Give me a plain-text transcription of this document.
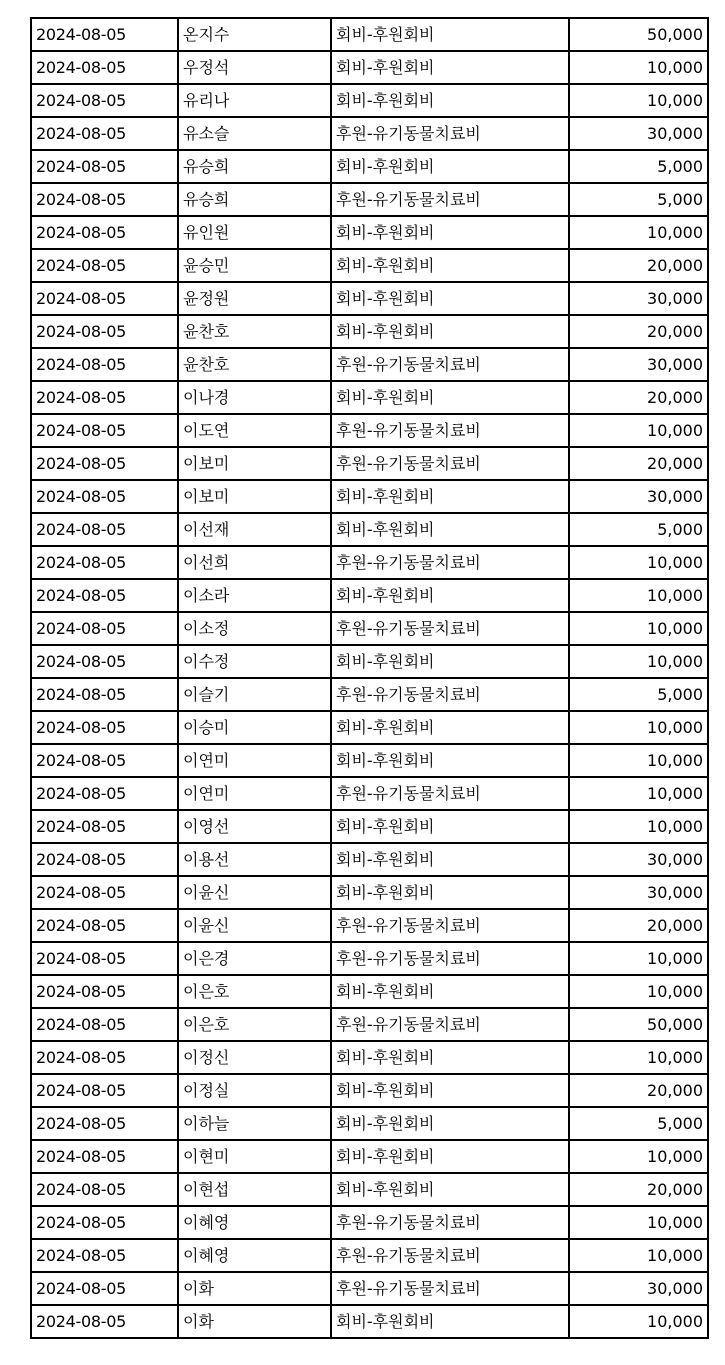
2024-08-05	온지수	회비-후원회비	50,000
2024-08-05	우정석	회비-후원회비	10,000
2024-08-05	유리나	회비-후원회비	10,000
2024-08-05	유소슬	후원-유기동물치료비	30,000
2024-08-05	유승희	회비-후원회비	5,000
2024-08-05	유승희	후원-유기동물치료비	5,000
2024-08-05	유인원	회비-후원회비	10,000
2024-08-05	윤승민	회비-후원회비	20,000
2024-08-05	윤정원	회비-후원회비	30,000
2024-08-05	윤찬호	회비-후원회비	20,000
2024-08-05	윤찬호	후원-유기동물치료비	30,000
2024-08-05	이나경	회비-후원회비	20,000
2024-08-05	이도연	후원-유기동물치료비	10,000
2024-08-05	이보미	후원-유기동물치료비	20,000
2024-08-05	이보미	회비-후원회비	30,000
2024-08-05	이선재	회비-후원회비	5,000
2024-08-05	이선희	후원-유기동물치료비	10,000
2024-08-05	이소라	회비-후원회비	10,000
2024-08-05	이소정	후원-유기동물치료비	10,000
2024-08-05	이수정	회비-후원회비	10,000
2024-08-05	이슬기	후원-유기동물치료비	5,000
2024-08-05	이승미	회비-후원회비	10,000
2024-08-05	이연미	회비-후원회비	10,000
2024-08-05	이연미	후원-유기동물치료비	10,000
2024-08-05	이영선	회비-후원회비	10,000
2024-08-05	이용선	회비-후원회비	30,000
2024-08-05	이윤신	회비-후원회비	30,000
2024-08-05	이윤신	후원-유기동물치료비	20,000
2024-08-05	이은경	후원-유기동물치료비	10,000
2024-08-05	이은호	회비-후원회비	10,000
2024-08-05	이은호	후원-유기동물치료비	50,000
2024-08-05	이정신	회비-후원회비	10,000
2024-08-05	이정실	회비-후원회비	20,000
2024-08-05	이하늘	회비-후원회비	5,000
2024-08-05	이현미	회비-후원회비	10,000
2024-08-05	이현섭	회비-후원회비	20,000
2024-08-05	이혜영	후원-유기동물치료비	10,000
2024-08-05	이혜영	후원-유기동물치료비	10,000
2024-08-05	이화	후원-유기동물치료비	30,000
2024-08-05	이화	회비-후원회비	10,000
